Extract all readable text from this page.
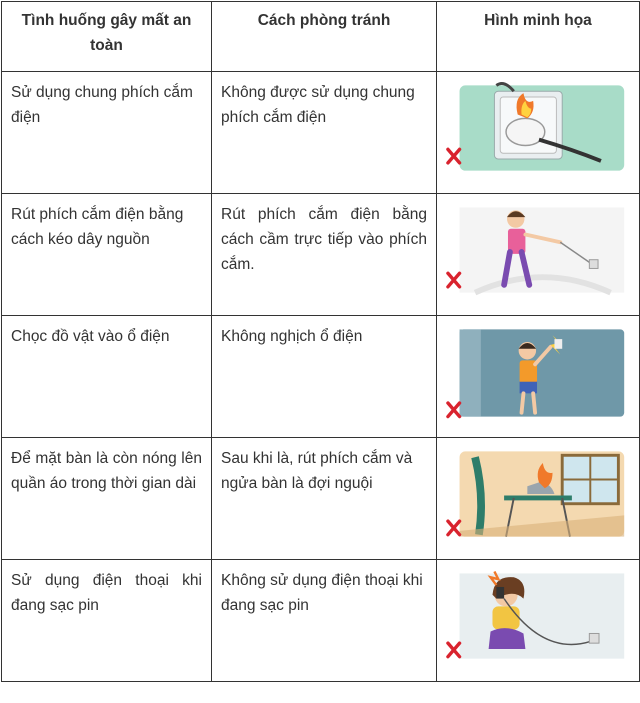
Tình huống gây mất an toàn	Cách phòng tránh	Hình minh họa
Sử dụng chung phích cắm điện	Không được sử dụng chung phích cắm điện	

Rút phích cắm điện bằng cách kéo dây nguồn	Rút phích cắm điện bằng cách cầm trực tiếp vào phích cắm.	

Chọc đồ vật vào ổ điện	Không nghịch ổ điện	

Để mặt bàn là còn nóng lên quần áo trong thời gian dài	Sau khi là, rút phích cắm và ngửa bàn là đợi nguội	

Sử dụng điện thoại khi đang sạc pin	Không sử dụng điện thoại khi đang sạc pin	
